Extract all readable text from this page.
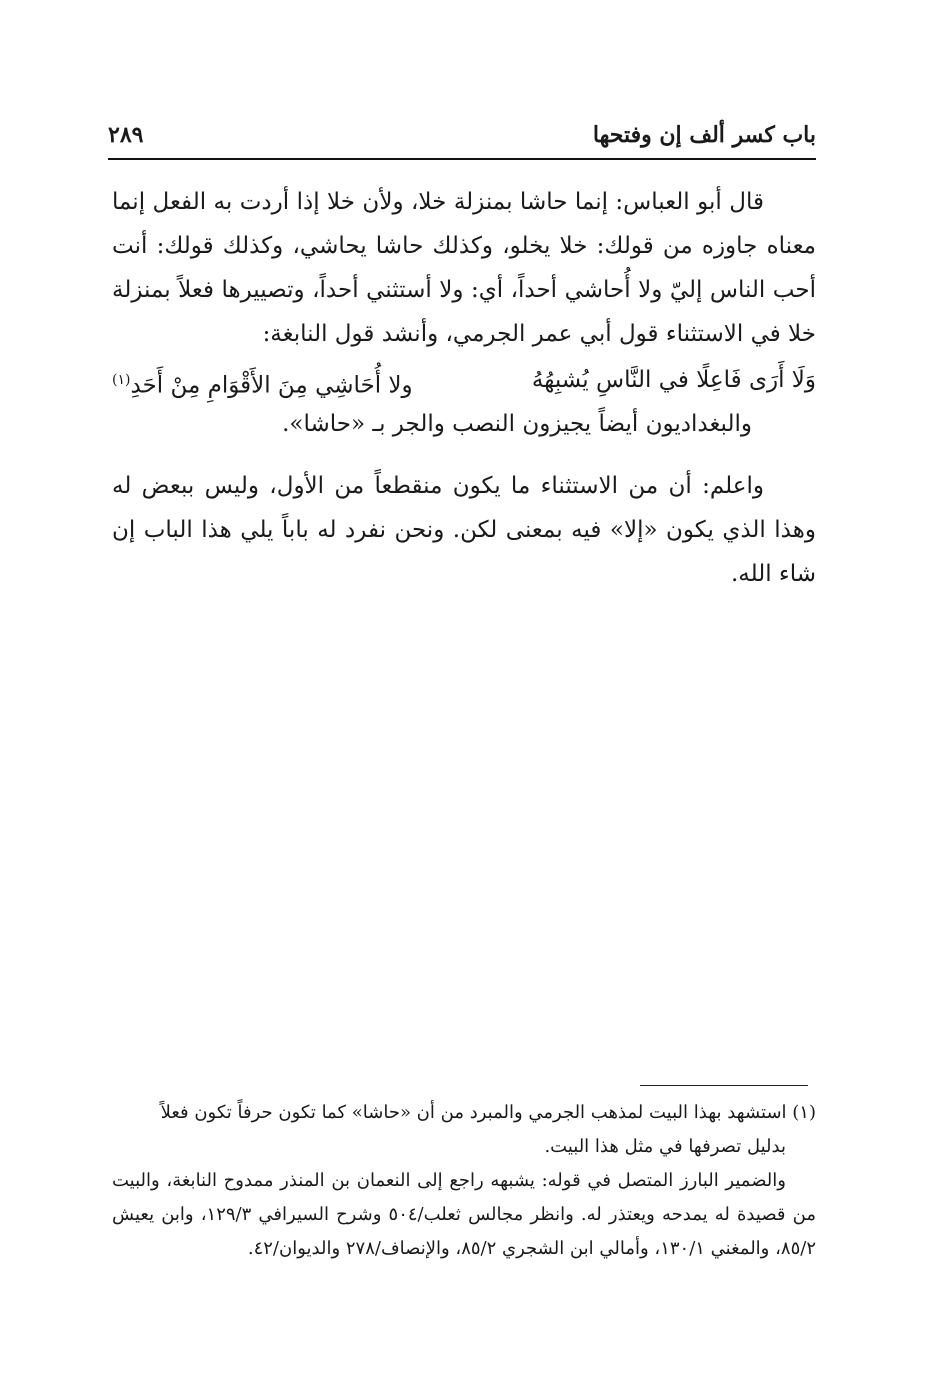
باب كسر ألف إن وفتحها
٢٨٩

قال أبو العباس: إنما حاشا بمنزلة خلا، ولأن خلا إذا أردت به الفعل إنما معناه جاوزه من قولك: خلا يخلو، وكذلك حاشا يحاشي، وكذلك قولك: أنت أحب الناس إليّ ولا أُحاشي أحداً، أي: ولا أستثني أحداً، وتصييرها فعلاً بمنزلة خلا في الاستثناء قول أبي عمر الجرمي، وأنشد قول النابغة:

وَلَا أَرَى فَاعِلًا في النَّاسِ يُشبِهُهُ
ولا أُحَاشِي مِنَ الأَقْوَامِ مِنْ أَحَدِ$^{(١)}$

والبغداديون أيضاً يجيزون النصب والجر بـ «حاشا».

واعلم: أن من الاستثناء ما يكون منقطعاً من الأول، وليس ببعض له وهذا الذي يكون «إلا» فيه بمعنى لكن. ونحن نفرد له باباً يلي هذا الباب إن شاء الله.

(١) استشهد بهذا البيت لمذهب الجرمي والمبرد من أن «حاشا» كما تكون حرفاً تكون فعلاً

بدليل تصرفها في مثل هذا البيت.

والضمير البارز المتصل في قوله: يشبهه راجع إلى النعمان بن المنذر ممدوح النابغة، والبيت من قصيدة له يمدحه ويعتذر له. وانظر مجالس ثعلب/٥٠٤ وشرح السيرافي ١٢٩/٣، وابن يعيش ٨٥/٢، والمغني ١٣٠/١، وأمالي ابن الشجري ٨٥/٢، والإنصاف/٢٧٨ والديوان/٤٢.
